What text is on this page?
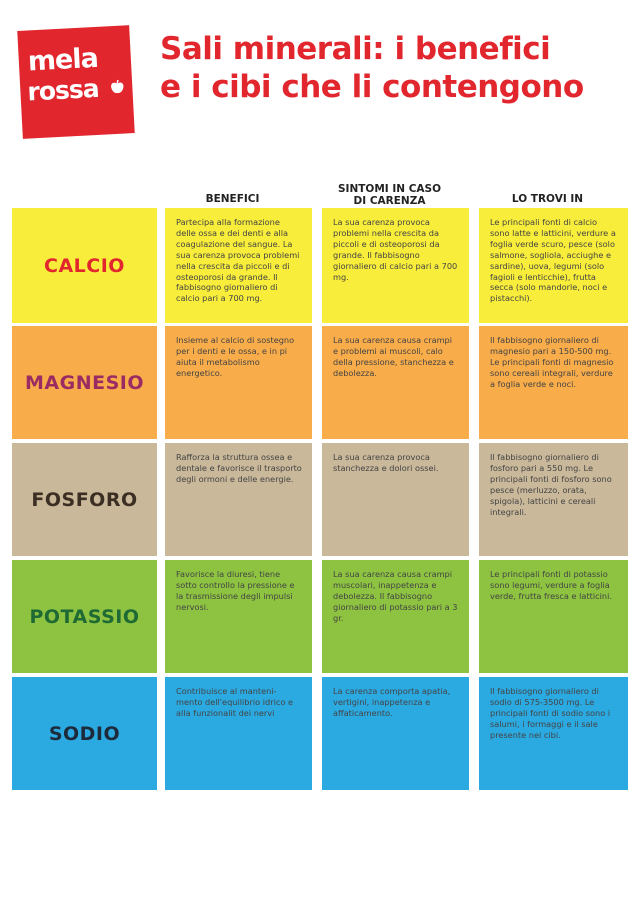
mela
rossa
Sali minerali: i benefici
e i cibi che li contengono
BENEFICI
SINTOMI IN CASO
DI CARENZA	LO TROVI IN
CALCIO
Partecipa alla formazione delle ossa e dei denti e alla coagulazione del sangue. La sua carenza provoca problemi nella crescita da piccoli e di osteoporosi da grande. Il fabbisogno giornaliero di calcio pari a 700 mg.
La sua carenza provoca problemi nella crescita da piccoli e di osteoporosi da grande. Il fabbisogno giornaliero di calcio pari a 700 mg.
Le principali fonti di calcio sono latte e latticini, verdure a foglia verde scuro, pesce (solo salmone, sogliola, acciughe e sardine), uova, legumi (solo fagioli e lenticchie), frutta secca (solo mandorle, noci e pistacchi).
MAGNESIO
Insieme al calcio di sostegno per i denti e le ossa, e in pi aiuta il metabolismo energetico.
La sua carenza causa crampi e problemi ai muscoli, calo della pressione, stanchezza e debolezza.
Il fabbisogno giornaliero di magnesio pari a 150-500 mg. Le principali fonti di magnesio sono cereali integrali, verdure a foglia verde e noci.
FOSFORO
Rafforza la struttura ossea e dentale e favorisce il trasporto degli ormoni e delle energie.
La sua carenza provoca stanchezza e dolori ossei.
Il fabbisogno giornaliero di fosforo pari a 550 mg. Le principali fonti di fosforo sono pesce (merluzzo, orata, spigola), latticini e cereali integrali.
POTASSIO
Favorisce la diuresi, tiene sotto controllo la pressione e la trasmissione degli impulsi nervosi.
La sua carenza causa crampi muscolari, inappetenza e debolezza. Il fabbisogno giornaliero di potassio pari a 3 gr.
Le principali fonti di potassio sono legumi, verdure a foglia verde, frutta fresca e latticini.
SODIO
Contribuisce al manteni-mento dell'equilibrio idrico e alla funzionalit dei nervi
La carenza comporta apatia, vertigini, inappetenza e affaticamento.
Il fabbisogno giornaliero di sodio di 575-3500 mg. Le principali fonti di sodio sono i salumi, i formaggi e il sale presente nei cibi.
